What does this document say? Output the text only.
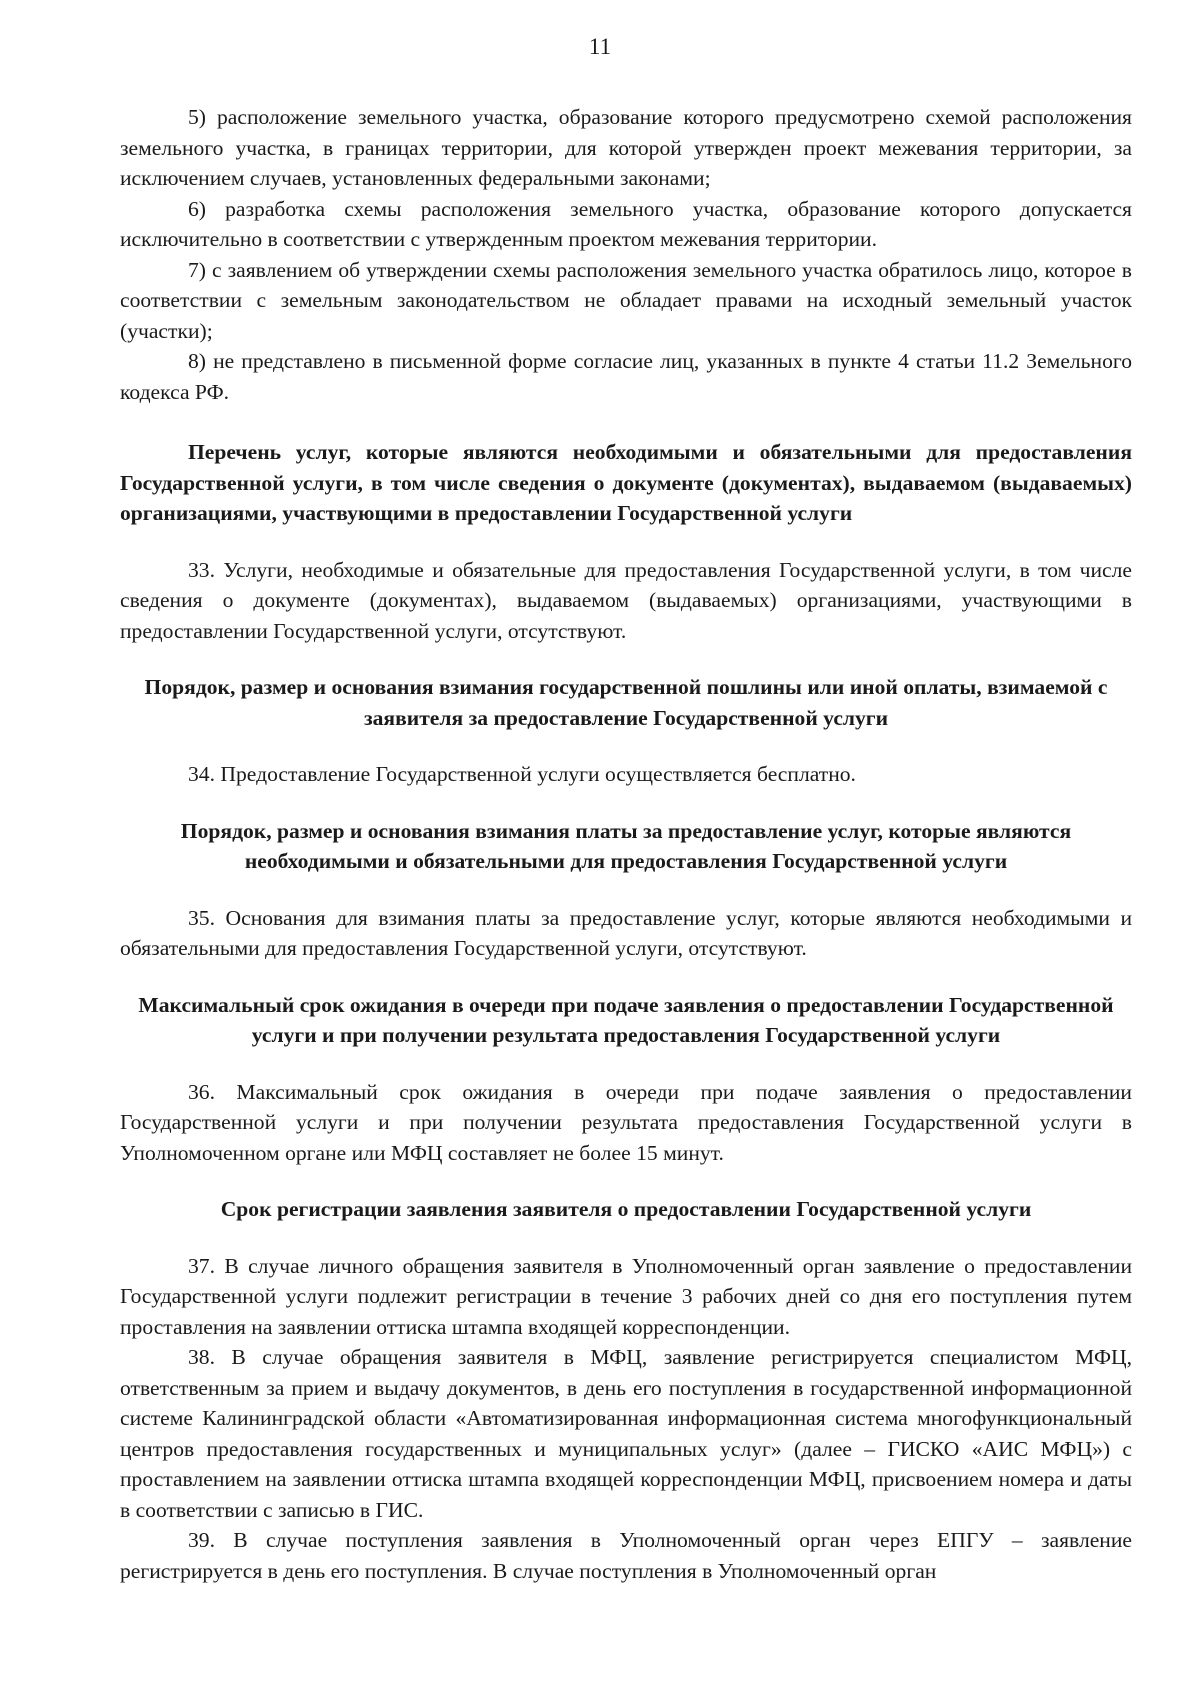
11

5) расположение земельного участка, образование которого предусмотрено схемой расположения земельного участка, в границах территории, для которой утвержден проект межевания территории, за исключением случаев, установленных федеральными законами;

6) разработка схемы расположения земельного участка, образование которого допускается исключительно в соответствии с утвержденным проектом межевания территории.

7) с заявлением об утверждении схемы расположения земельного участка обратилось лицо, которое в соответствии с земельным законодательством не обладает правами на исходный земельный участок (участки);

8) не представлено в письменной форме согласие лиц, указанных в пункте 4 статьи 11.2 Земельного кодекса РФ.

Перечень услуг, которые являются необходимыми и обязательными для предоставления Государственной услуги, в том числе сведения о документе (документах), выдаваемом (выдаваемых) организациями, участвующими в предоставлении Государственной услуги

33. Услуги, необходимые и обязательные для предоставления Государственной услуги, в том числе сведения о документе (документах), выдаваемом (выдаваемых) организациями, участвующими в предоставлении Государственной услуги, отсутствуют.

Порядок, размер и основания взимания государственной пошлины или иной оплаты, взимаемой с заявителя за предоставление Государственной услуги

34. Предоставление Государственной услуги осуществляется бесплатно.

Порядок, размер и основания взимания платы за предоставление услуг, которые являются необходимыми и обязательными для предоставления Государственной услуги

35. Основания для взимания платы за предоставление услуг, которые являются необходимыми и обязательными для предоставления Государственной услуги, отсутствуют.

Максимальный срок ожидания в очереди при подаче заявления о предоставлении Государственной услуги и при получении результата предоставления Государственной услуги

36. Максимальный срок ожидания в очереди при подаче заявления о предоставлении Государственной услуги и при получении результата предоставления Государственной услуги в Уполномоченном органе или МФЦ составляет не более 15 минут.

Срок регистрации заявления заявителя о предоставлении Государственной услуги

37. В случае личного обращения заявителя в Уполномоченный орган заявление о предоставлении Государственной услуги подлежит регистрации в течение 3 рабочих дней со дня его поступления путем проставления на заявлении оттиска штампа входящей корреспонденции.

38. В случае обращения заявителя в МФЦ, заявление регистрируется специалистом МФЦ, ответственным за прием и выдачу документов, в день его поступления в государственной информационной системе Калининградской области «Автоматизированная информационная система многофункциональный центров предоставления государственных и муниципальных услуг» (далее – ГИСКО «АИС МФЦ») с проставлением на заявлении оттиска штампа входящей корреспонденции МФЦ, присвоением номера и даты в соответствии с записью в ГИС.

39. В случае поступления заявления в Уполномоченный орган через ЕПГУ – заявление регистрируется в день его поступления. В случае поступления в Уполномоченный орган
